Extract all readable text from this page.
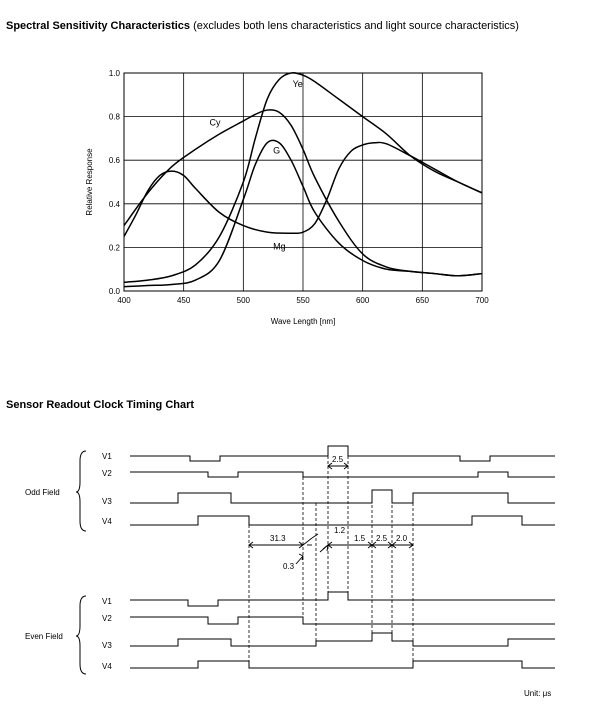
Spectral Sensitivity Characteristics (excludes both lens characteristics and light source characteristics)
Sensor Readout Clock Timing Chart
400	450	500	550	600	650	700
0.0
0.2
0.4
0.6
0.8
1.0
Ye
Cy
G
Mg
Wave Length [nm]
Relative Response
V1
V2
V3
V4
Odd Field
V1
V2
V3
V4
Even Field
31.3
0.3
1.2
1.5 2.5 2.0
2.5
Unit: μs
